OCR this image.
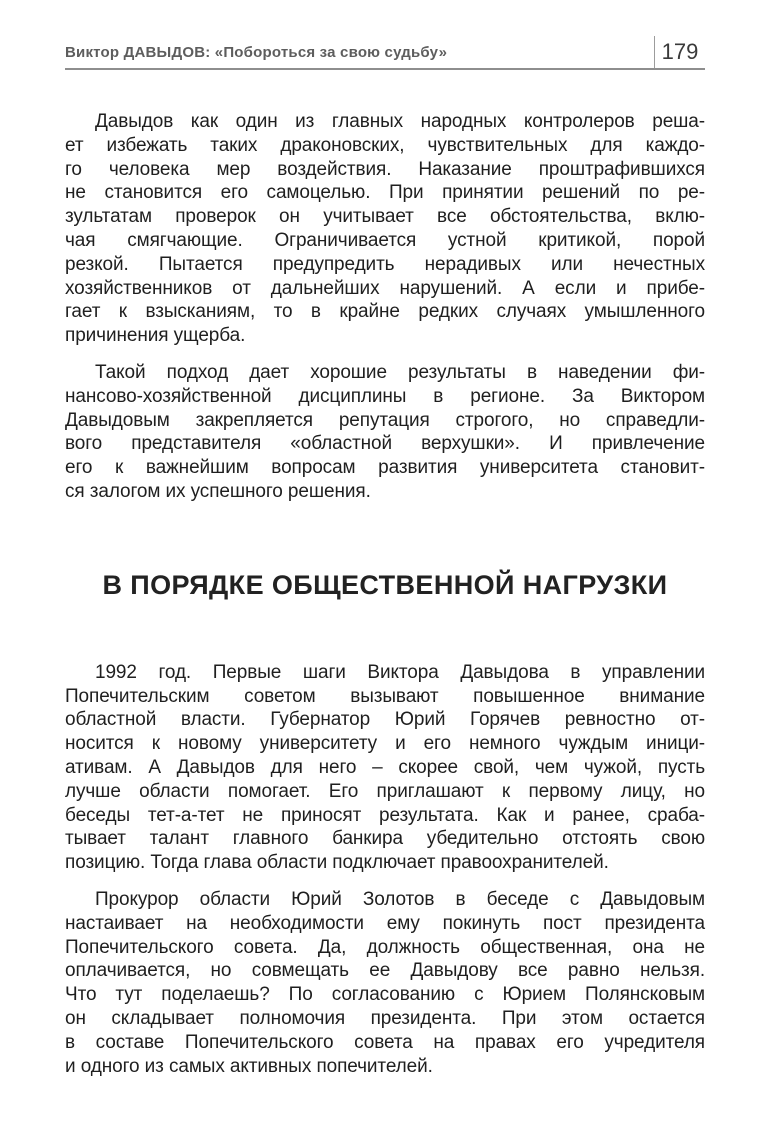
Виктор ДАВЫДОВ: «Побороться за свою судьбу»	179
Давыдов как один из главных народных контролеров реша-
ет избежать таких драконовских, чувствительных для каждо-
го человека мер воздействия. Наказание проштрафившихся
не становится его самоцелью. При принятии решений по ре-
зультатам проверок он учитывает все обстоятельства, вклю-
чая смягчающие. Ограничивается устной критикой, порой
резкой. Пытается предупредить нерадивых или нечестных
хозяйственников от дальнейших нарушений. А если и прибе-
гает к взысканиям, то в крайне редких случаях умышленного
причинения ущерба.
Такой подход дает хорошие результаты в наведении фи-
нансово-хозяйственной дисциплины в регионе. За Виктором
Давыдовым закрепляется репутация строгого, но справедли-
вого представителя «областной верхушки». И привлечение
его к важнейшим вопросам развития университета становит-
ся залогом их успешного решения.
В ПОРЯДКЕ ОБЩЕСТВЕННОЙ НАГРУЗКИ
1992 год. Первые шаги Виктора Давыдова в управлении
Попечительским советом вызывают повышенное внимание
областной власти. Губернатор Юрий Горячев ревностно от-
носится к новому университету и его немного чуждым иници-
ативам. А Давыдов для него – скорее свой, чем чужой, пусть
лучше области помогает. Его приглашают к первому лицу, но
беседы тет-а-тет не приносят результата. Как и ранее, сраба-
тывает талант главного банкира убедительно отстоять свою
позицию. Тогда глава области подключает правоохранителей.
Прокурор области Юрий Золотов в беседе с Давыдовым
настаивает на необходимости ему покинуть пост президента
Попечительского совета. Да, должность общественная, она не
оплачивается, но совмещать ее Давыдову все равно нельзя.
Что тут поделаешь? По согласованию с Юрием Полянсковым
он складывает полномочия президента. При этом остается
в составе Попечительского совета на правах его учредителя
и одного из самых активных попечителей.
